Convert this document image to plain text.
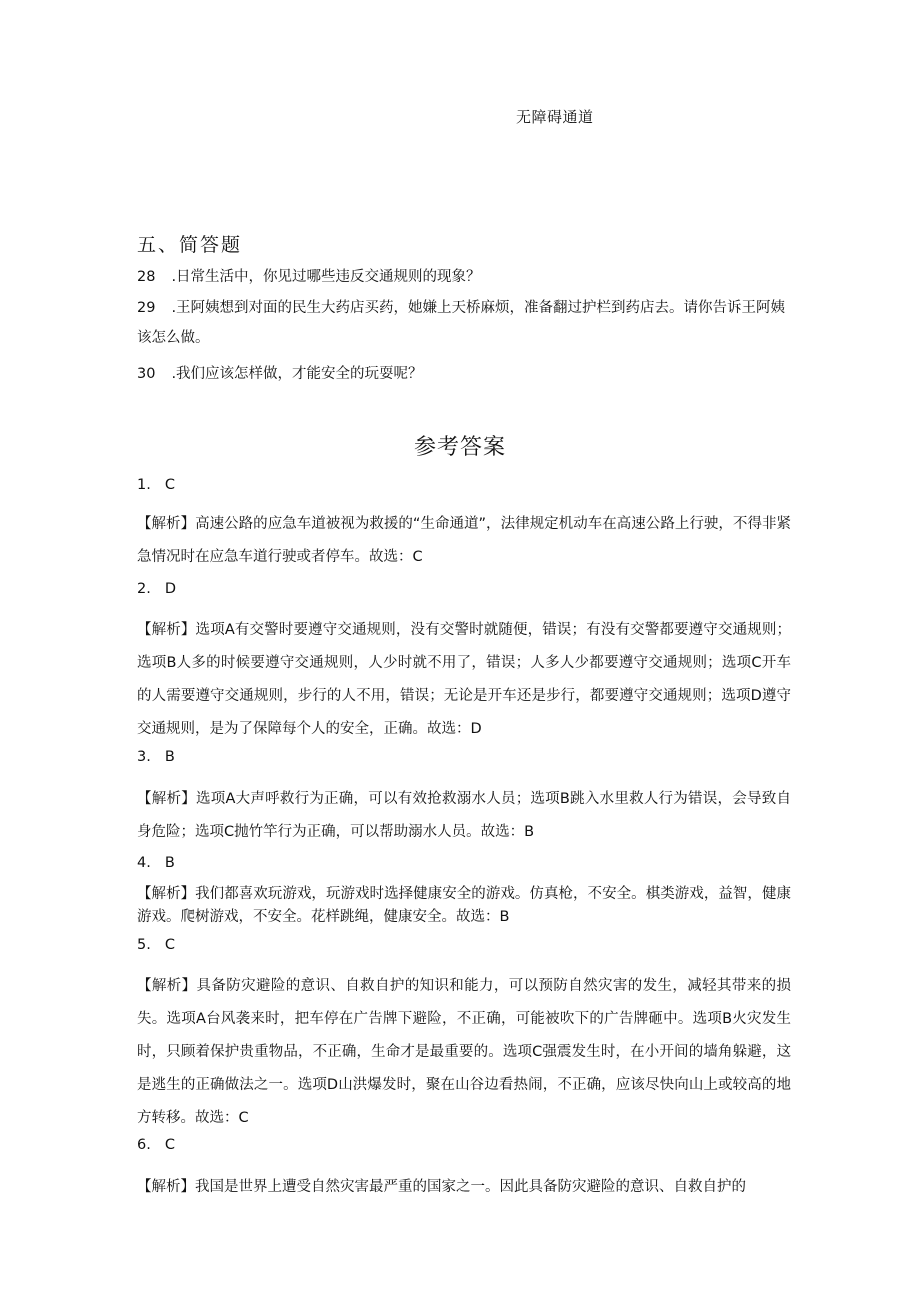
无障碍通道
五、简答题
28 .日常生活中，你见过哪些违反交通规则的现象？
29 .王阿姨想到对面的民生大药店买药，她嫌上天桥麻烦，准备翻过护栏到药店去。请你告诉王阿姨该怎么做。
30 .我们应该怎样做，才能安全的玩耍呢？
参考答案
1. C
【解析】高速公路的应急车道被视为救援的“生命通道”，法律规定机动车在高速公路上行驶，不得非紧急情况时在应急车道行驶或者停车。故选：C
2. D
【解析】选项A有交警时要遵守交通规则，没有交警时就随便，错误；有没有交警都要遵守交通规则；选项B人多的时候要遵守交通规则，人少时就不用了，错误；人多人少都要遵守交通规则；选项C开车的人需要遵守交通规则，步行的人不用，错误；无论是开车还是步行，都要遵守交通规则；选项D遵守交通规则，是为了保障每个人的安全，正确。故选：D
3. B
【解析】选项A大声呼救行为正确，可以有效抢救溺水人员；选项B跳入水里救人行为错误，会导致自身危险；选项C抛竹竿行为正确，可以帮助溺水人员。故选：B
4. B
【解析】我们都喜欢玩游戏，玩游戏时选择健康安全的游戏。仿真枪，不安全。棋类游戏，益智，健康游戏。爬树游戏，不安全。花样跳绳，健康安全。故选：B
5. C
【解析】具备防灾避险的意识、自救自护的知识和能力，可以预防自然灾害的发生，减轻其带来的损失。选项A台风袭来时，把车停在广告牌下避险，不正确，可能被吹下的广告牌砸中。选项B火灾发生时，只顾着保护贵重物品，不正确，生命才是最重要的。选项C强震发生时，在小开间的墙角躲避，这是逃生的正确做法之一。选项D山洪爆发时，聚在山谷边看热闹，不正确，应该尽快向山上或较高的地方转移。故选：C
6. C
【解析】我国是世界上遭受自然灾害最严重的国家之一。因此具备防灾避险的意识、自救自护的
